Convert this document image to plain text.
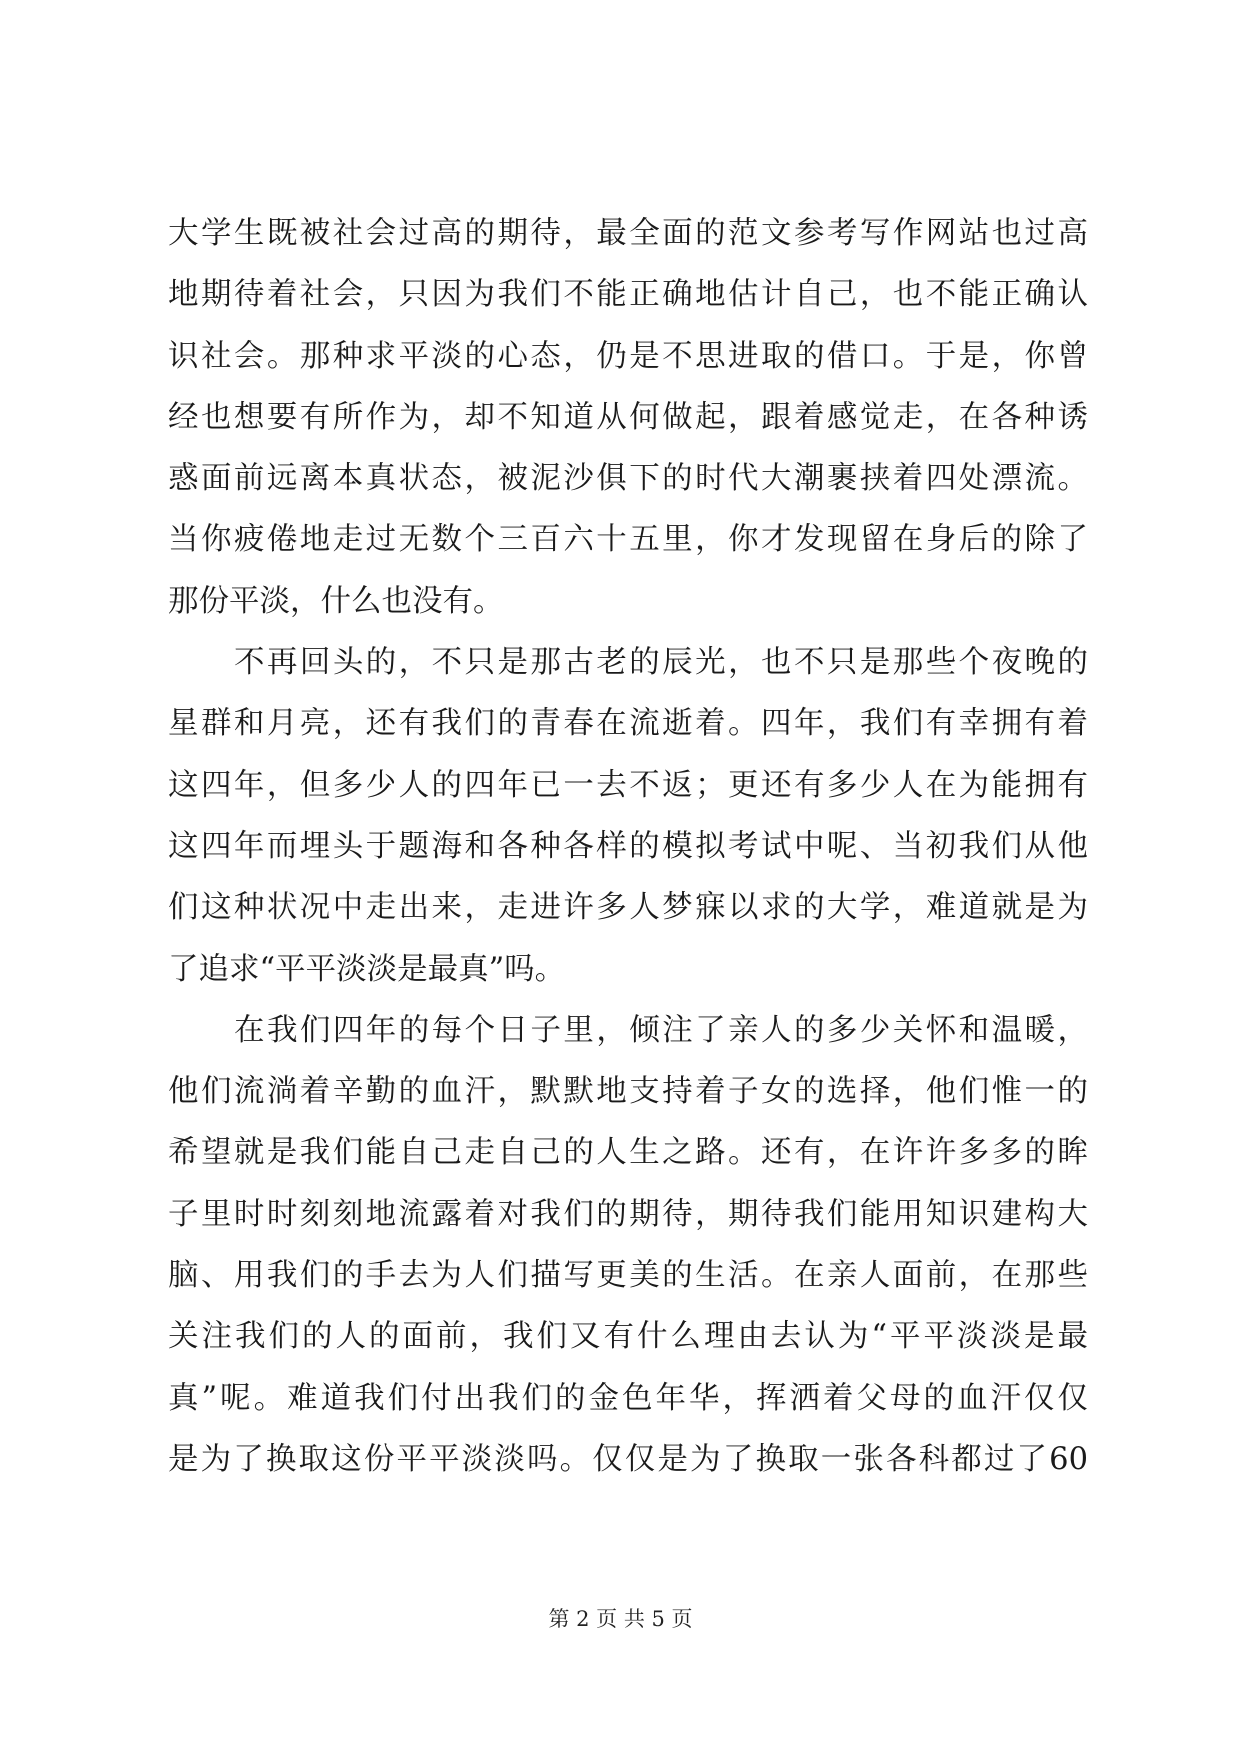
大学生既被社会过高的期待，最全面的范文参考写作网站也过高
地期待着社会，只因为我们不能正确地估计自己，也不能正确认
识社会。那种求平淡的心态，仍是不思进取的借口。于是，你曾
经也想要有所作为，却不知道从何做起，跟着感觉走，在各种诱
惑面前远离本真状态，被泥沙俱下的时代大潮裹挟着四处漂流。
当你疲倦地走过无数个三百六十五里，你才发现留在身后的除了
那份平淡，什么也没有。
不再回头的，不只是那古老的辰光，也不只是那些个夜晚的
星群和月亮，还有我们的青春在流逝着。四年，我们有幸拥有着
这四年，但多少人的四年已一去不返；更还有多少人在为能拥有
这四年而埋头于题海和各种各样的模拟考试中呢、当初我们从他
们这种状况中走出来，走进许多人梦寐以求的大学，难道就是为
了追求“平平淡淡是最真”吗。
在我们四年的每个日子里，倾注了亲人的多少关怀和温暖，
他们流淌着辛勤的血汗，默默地支持着子女的选择，他们惟一的
希望就是我们能自己走自己的人生之路。还有，在许许多多的眸
子里时时刻刻地流露着对我们的期待，期待我们能用知识建构大
脑、用我们的手去为人们描写更美的生活。在亲人面前，在那些
关注我们的人的面前，我们又有什么理由去认为“平平淡淡是最
真”呢。难道我们付出我们的金色年华，挥洒着父母的血汗仅仅
是为了换取这份平平淡淡吗。仅仅是为了换取一张各科都过了60
第 2 页 共 5 页
